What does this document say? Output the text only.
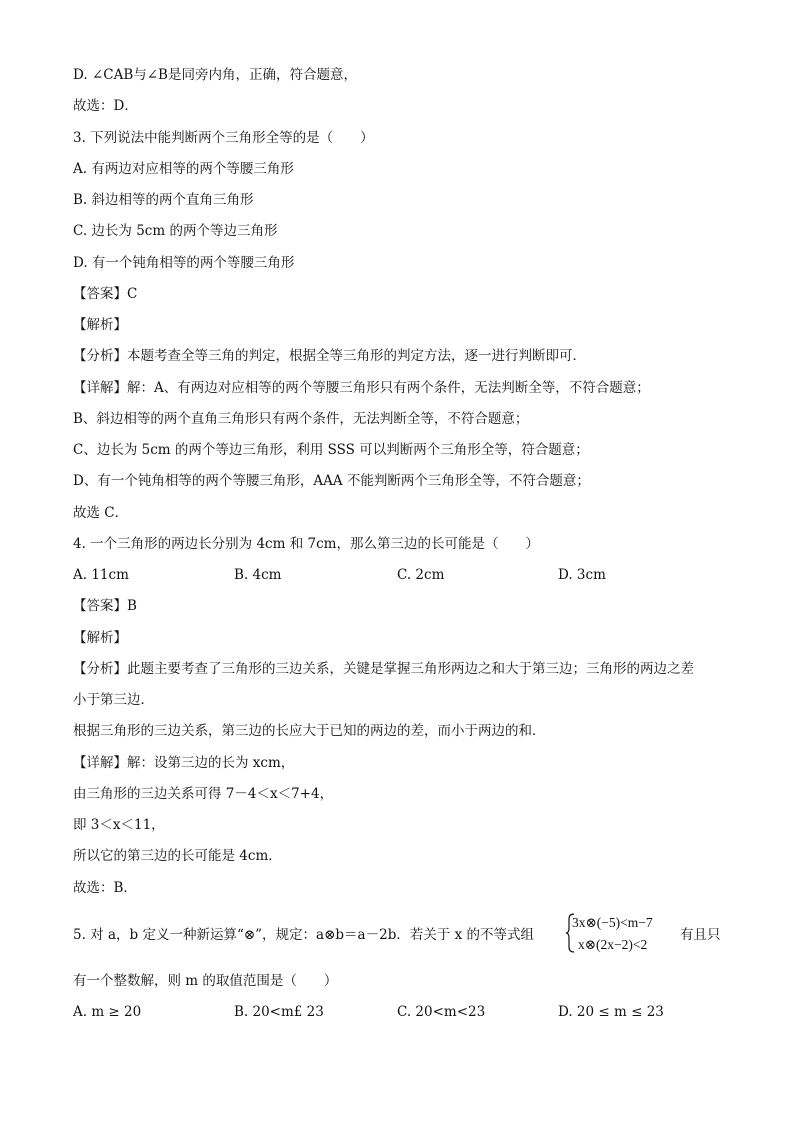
D. ∠CAB与∠B是同旁内角，正确，符合题意，
故选：D．
3. 下列说法中能判断两个三角形全等的是（　　）
A. 有两边对应相等的两个等腰三角形
B. 斜边相等的两个直角三角形
C. 边长为 5cm 的两个等边三角形
D. 有一个钝角相等的两个等腰三角形
【答案】C
【解析】
【分析】本题考查全等三角的判定，根据全等三角形的判定方法，逐一进行判断即可．
【详解】解：A、有两边对应相等的两个等腰三角形只有两个条件，无法判断全等，不符合题意；
B、斜边相等的两个直角三角形只有两个条件，无法判断全等，不符合题意；
C、边长为 5cm 的两个等边三角形，利用 SSS 可以判断两个三角形全等，符合题意；
D、有一个钝角相等的两个等腰三角形，AAA 不能判断两个三角形全等，不符合题意；
故选 C．
4. 一个三角形的两边长分别为 4cm 和 7cm，那么第三边的长可能是（　　）
A. 11cm	B. 4cm	C. 2cm	D. 3cm
【答案】B
【解析】
【分析】此题主要考查了三角形的三边关系，关键是掌握三角形两边之和大于第三边；三角形的两边之差
小于第三边．
根据三角形的三边关系，第三边的长应大于已知的两边的差，而小于两边的和．
【详解】解：设第三边的长为 xcm，
由三角形的三边关系可得 7－4＜x＜7+4，
即 3＜x＜11，
所以它的第三边的长可能是 4cm．
故选：B．
5. 对 a，b 定义一种新运算“⊗”，规定：a⊗b＝a－2b．若关于 x 的不等式组
3x⊗(−5)<m−7
x⊗(2x−2)<2
有且只
有一个整数解，则 m 的取值范围是（　　）
A. m ≥ 20	B. 20<m£ 23	C. 20<m<23	D. 20 ≤ m ≤ 23
